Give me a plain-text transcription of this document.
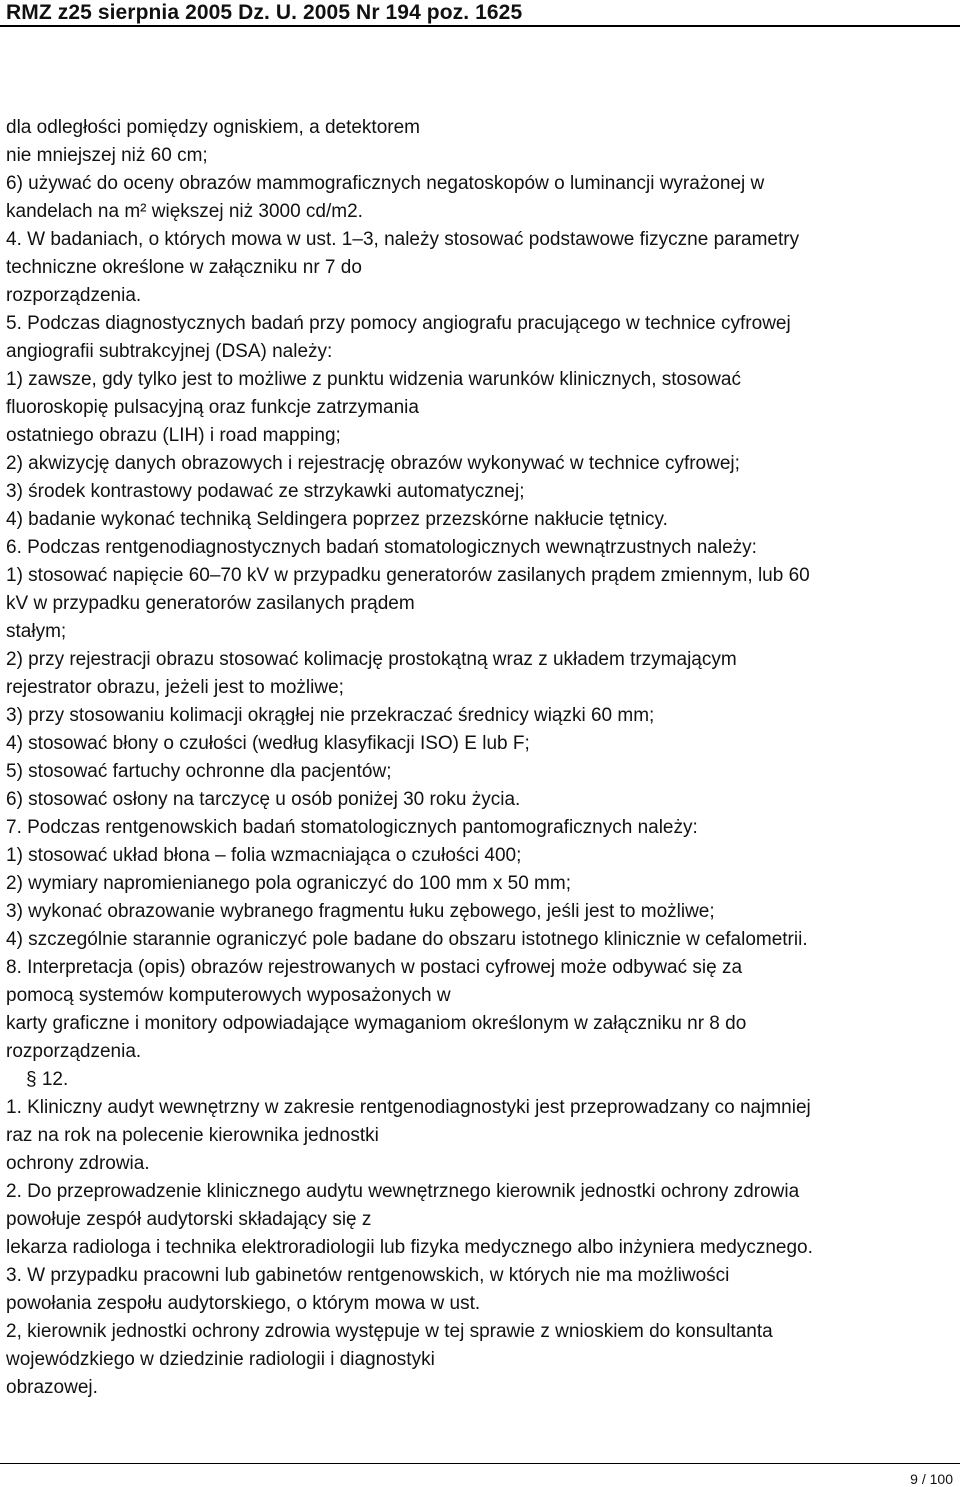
RMZ z25 sierpnia 2005 Dz. U. 2005 Nr 194 poz. 1625
dla odległości pomiędzy ogniskiem, a detektorem
nie mniejszej niż 60 cm;
6) używać do oceny obrazów mammograficznych negatoskopów o luminancji wyrażonej w
kandelach na m² większej niż 3000 cd/m2.
4. W badaniach, o których mowa w ust. 1–3, należy stosować podstawowe fizyczne parametry
techniczne określone w załączniku nr 7 do
rozporządzenia.
5. Podczas diagnostycznych badań przy pomocy angiografu pracującego w technice cyfrowej
angiografii subtrakcyjnej (DSA) należy:
1) zawsze, gdy tylko jest to możliwe z punktu widzenia warunków klinicznych, stosować
fluoroskopię pulsacyjną oraz funkcje zatrzymania
ostatniego obrazu (LIH) i road mapping;
2) akwizycję danych obrazowych i rejestrację obrazów wykonywać w technice cyfrowej;
3) środek kontrastowy podawać ze strzykawki automatycznej;
4) badanie wykonać techniką Seldingera poprzez przezskórne nakłucie tętnicy.
6. Podczas rentgenodiagnostycznych badań stomatologicznych wewnątrzustnych należy:
1) stosować napięcie 60–70 kV w przypadku generatorów zasilanych prądem zmiennym, lub 60
kV w przypadku generatorów zasilanych prądem
stałym;
2) przy rejestracji obrazu stosować kolimację prostokątną wraz z układem trzymającym
rejestrator obrazu, jeżeli jest to możliwe;
3) przy stosowaniu kolimacji okrągłej nie przekraczać średnicy wiązki 60 mm;
4) stosować błony o czułości (według klasyfikacji ISO) E lub F;
5) stosować fartuchy ochronne dla pacjentów;
6) stosować osłony na tarczycę u osób poniżej 30 roku życia.
7. Podczas rentgenowskich badań stomatologicznych pantomograficznych należy:
1) stosować układ błona – folia wzmacniająca o czułości 400;
2) wymiary napromienianego pola ograniczyć do 100 mm x 50 mm;
3) wykonać obrazowanie wybranego fragmentu łuku zębowego, jeśli jest to możliwe;
4) szczególnie starannie ograniczyć pole badane do obszaru istotnego klinicznie w cefalometrii.
8. Interpretacja (opis) obrazów rejestrowanych w postaci cyfrowej może odbywać się za
pomocą systemów komputerowych wyposażonych w
karty graficzne i monitory odpowiadające wymaganiom określonym w załączniku nr 8 do
rozporządzenia.
§ 12.
1. Kliniczny audyt wewnętrzny w zakresie rentgenodiagnostyki jest przeprowadzany co najmniej
raz na rok na polecenie kierownika jednostki
ochrony zdrowia.
2. Do przeprowadzenie klinicznego audytu wewnętrznego kierownik jednostki ochrony zdrowia
powołuje zespół audytorski składający się z
lekarza radiologa i technika elektroradiologii lub fizyka medycznego albo inżyniera medycznego.
3. W przypadku pracowni lub gabinetów rentgenowskich, w których nie ma możliwości
powołania zespołu audytorskiego, o którym mowa w ust.
2, kierownik jednostki ochrony zdrowia występuje w tej sprawie z wnioskiem do konsultanta
wojewódzkiego w dziedzinie radiologii i diagnostyki
obrazowej.
9 / 100
